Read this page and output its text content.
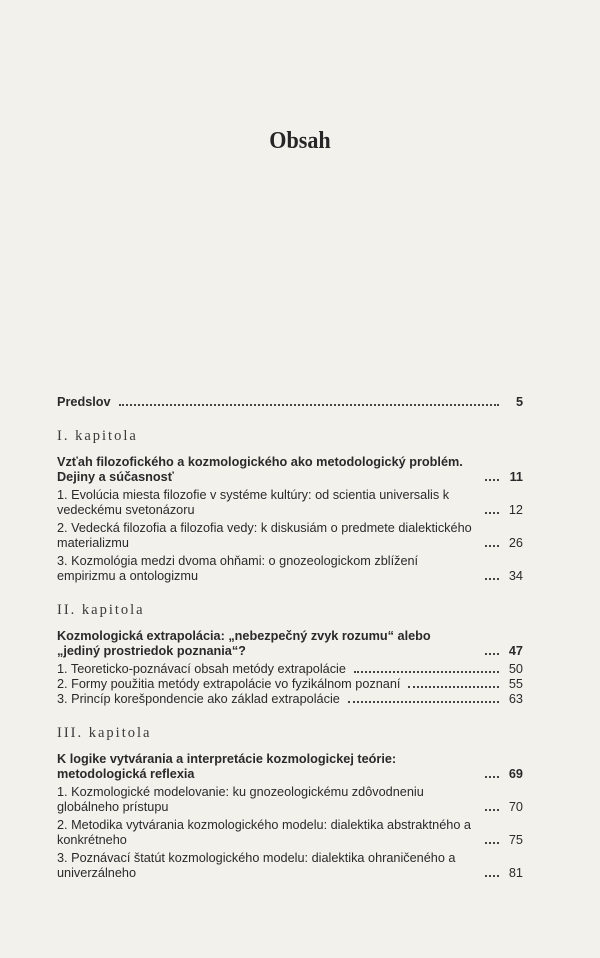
Obsah
Predslov	5

I. kapitola

Vzťah filozofického a kozmologického ako metodologický problém. Dejiny a súčasnosť	11
1. Evolúcia miesta filozofie v systéme kultúry: od scientia universalis k vedeckému svetonázoru	12
2. Vedecká filozofia a filozofia vedy: k diskusiám o predmete dialektického materializmu	26
3. Kozmológia medzi dvoma ohňami: o gnozeologickom zblížení empirizmu a ontologizmu	34

II. kapitola

Kozmologická extrapolácia: „nebezpečný zvyk rozumu“ alebo „jediný prostriedok poznania“?	47
1. Teoreticko-poznávací obsah metódy extrapolácie	50
2. Formy použitia metódy extrapolácie vo fyzikálnom poznaní	55
3. Princíp korešpondencie ako základ extrapolácie	63

III. kapitola

K logike vytvárania a interpretácie kozmologickej teórie: metodologická reflexia	69
1. Kozmologické modelovanie: ku gnozeologickému zdôvodneniu globálneho prístupu	70
2. Metodika vytvárania kozmologického modelu: dialektika abstraktného a konkrétneho	75
3. Poznávací štatút kozmologického modelu: dialektika ohraničeného a univerzálneho	81
